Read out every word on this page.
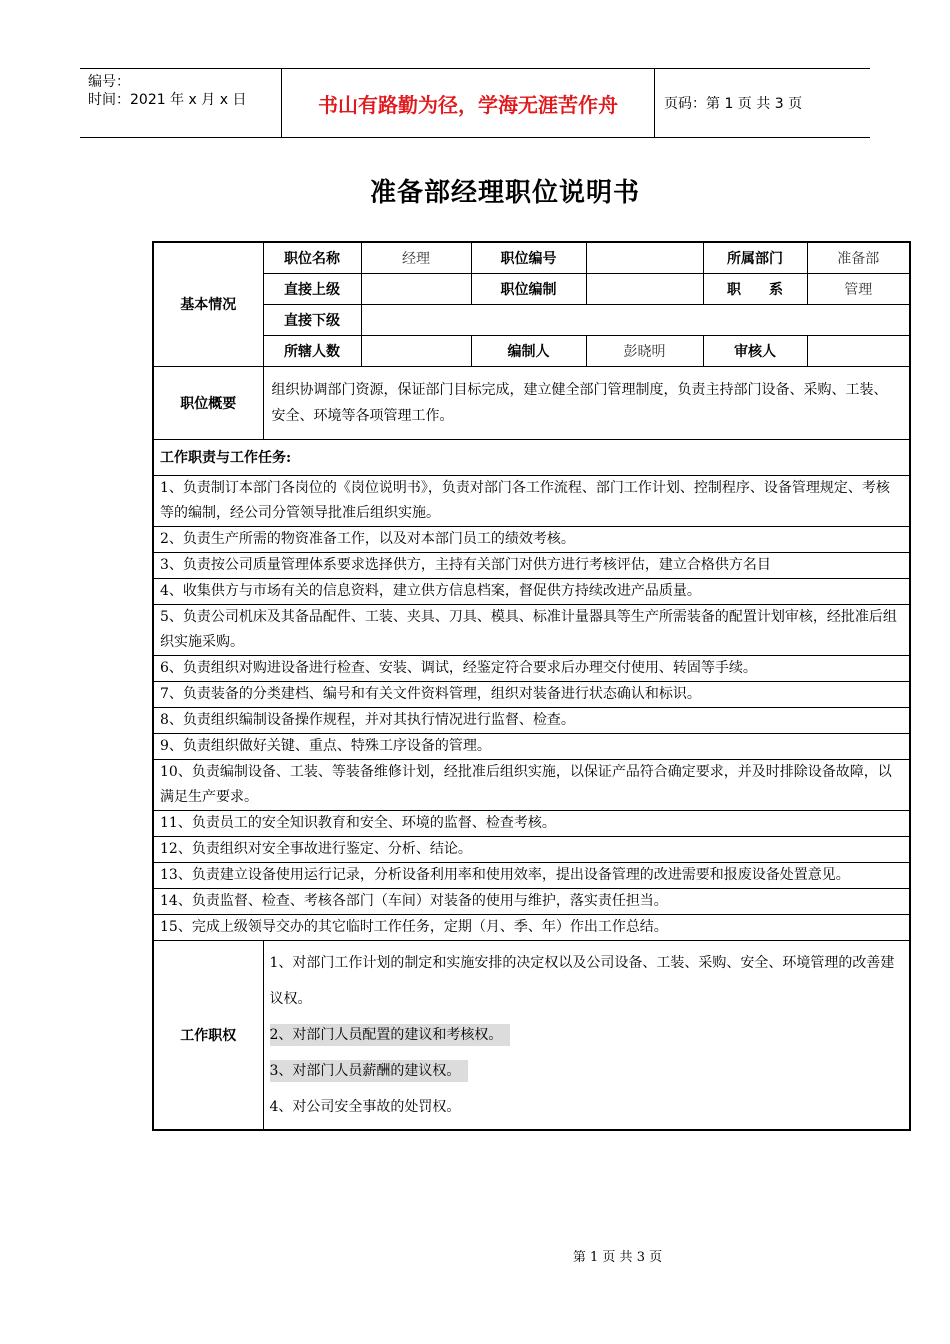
编号：
时间：2021 年 x 月 x 日	书山有路勤为径，学海无涯苦作舟	页码：第 1 页 共 3 页
准备部经理职位说明书
基本情况	职位名称	经理	职位编号		所属部门	准备部
	直接上级		职位编制		职　　系	管理
	直接下级					
	所辖人数		编制人	彭晓明	审核人	
职位概要	组织协调部门资源，保证部门目标完成，建立健全部门管理制度，负责主持部门设备、采购、工装、安全、环境等各项管理工作。					
工作职责与工作任务:						
1、负责制订本部门各岗位的《岗位说明书》，负责对部门各工作流程、部门工作计划、控制程序、设备管理规定、考核等的编制，经公司分管领导批准后组织实施。						
2、负责生产所需的物资准备工作，以及对本部门员工的绩效考核。						
3、负责按公司质量管理体系要求选择供方，主持有关部门对供方进行考核评估，建立合格供方名目						
4、收集供方与市场有关的信息资料，建立供方信息档案，督促供方持续改进产品质量。						
5、负责公司机床及其备品配件、工装、夹具、刀具、模具、标准计量器具等生产所需装备的配置计划审核，经批准后组织实施采购。						
6、负责组织对购进设备进行检查、安装、调试，经鉴定符合要求后办理交付使用、转固等手续。						
7、负责装备的分类建档、编号和有关文件资料管理，组织对装备进行状态确认和标识。						
8、负责组织编制设备操作规程，并对其执行情况进行监督、检查。						
9、负责组织做好关键、重点、特殊工序设备的管理。						
10、负责编制设备、工装、等装备维修计划，经批准后组织实施，以保证产品符合确定要求，并及时排除设备故障，以满足生产要求。						
11、负责员工的安全知识教育和安全、环境的监督、检查考核。						
12、负责组织对安全事故进行鉴定、分析、结论。						
13、负责建立设备使用运行记录，分析设备利用率和使用效率，提出设备管理的改进需要和报废设备处置意见。						
14、负责监督、检查、考核各部门（车间）对装备的使用与维护，落实责任担当。						
15、完成上级领导交办的其它临时工作任务，定期（月、季、年）作出工作总结。						
工作职权	1、对部门工作计划的制定和实施安排的决定权以及公司设备、工装、采购、安全、环境管理的改善建议权。
2、对部门人员配置的建议和考核权。
3、对部门人员薪酬的建议权。
4、对公司安全事故的处罚权。					
第 1 页 共 3 页
